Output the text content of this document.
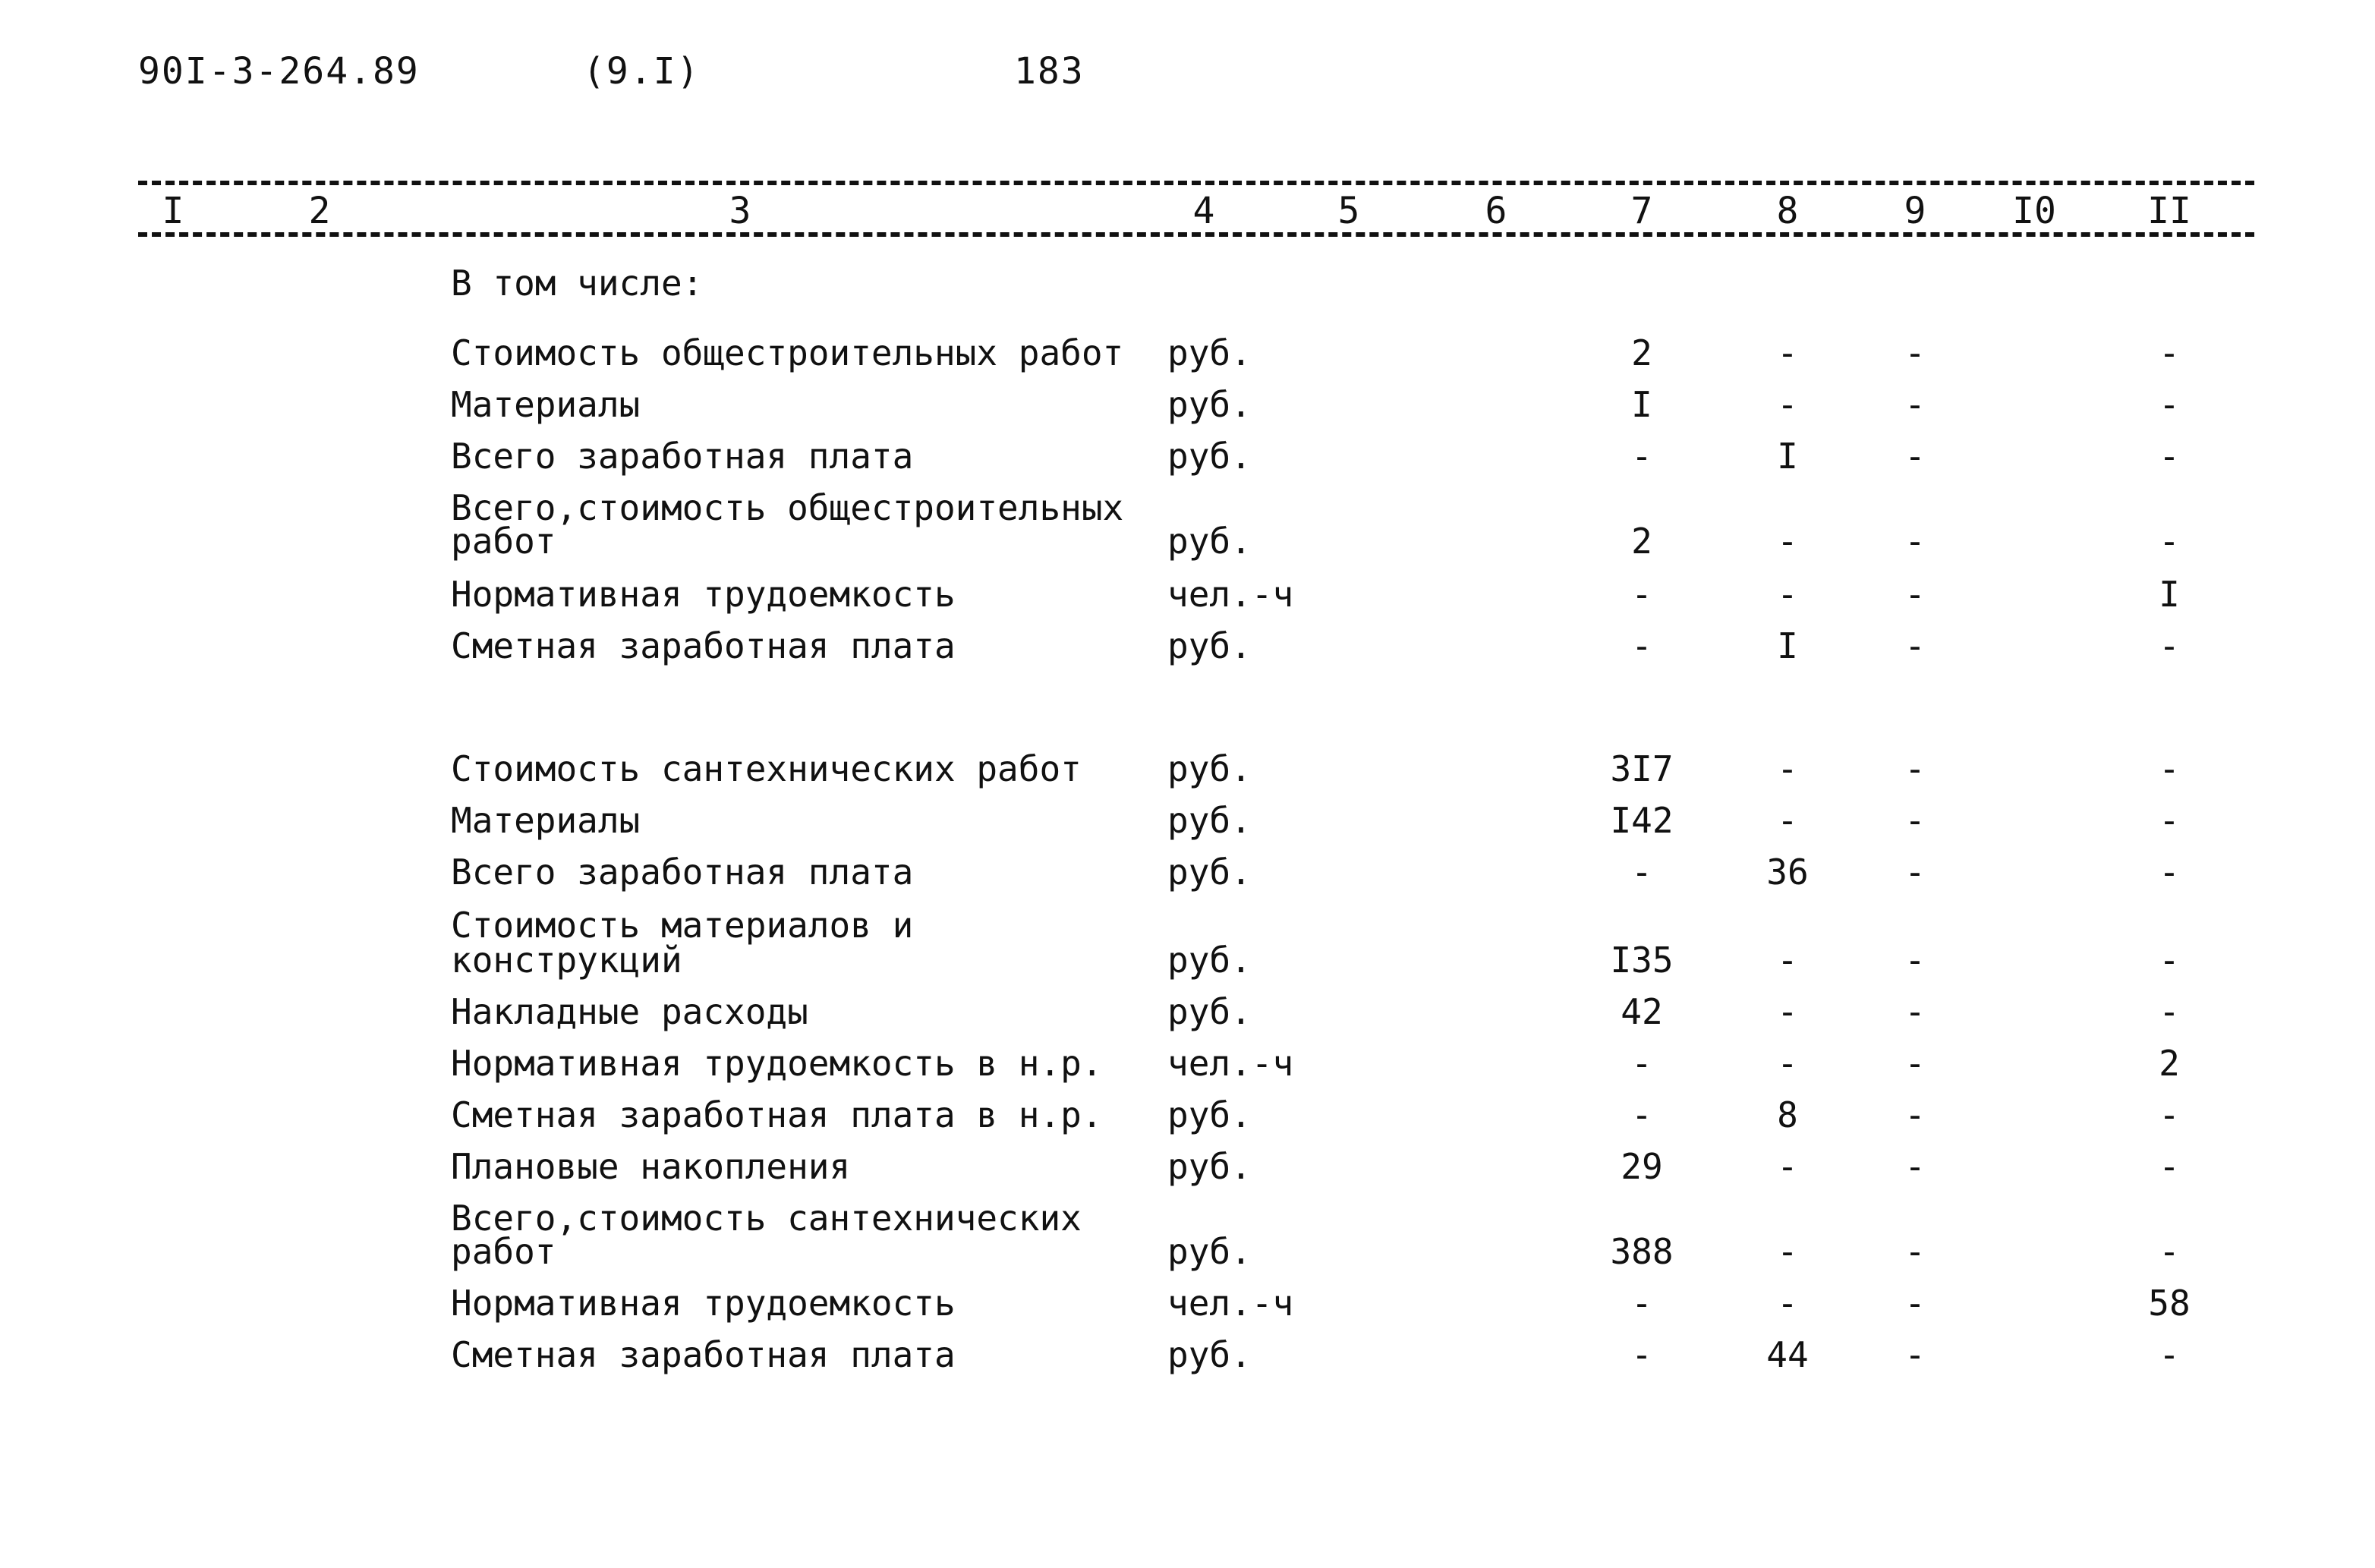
90I-3-264.89	(9.I)	183
I	2	3	4	5	6	7	8	9 I0	II
В том числе:
Стоимость общестроительных работ руб.	2	-	-	-
Материалы	руб.	I	-	-	-
Всего заработная плата	руб.	-	I	-	-
Всего,стоимость общестроительных
работ	руб.	2	-	-	-
Нормативная трудоемкость	чел.-ч	-	-	-	I
Сметная заработная плата	руб.	-	I	-	-
Стоимость сантехнических работ руб.	3I7	-	-	-
Материалы	руб.	I42	-	-	-
Всего заработная плата	руб.	-	36	-	-
Стоимость материалов и
конструкций	руб.	I35	-	-	-
Накладные расходы	руб.	42	-	-	-
Нормативная трудоемкость в н.р. чел.-ч	-	-	-	2
Сметная заработная плата в н.р. руб.	-	8	-	-
Плановые накопления	руб.	29	-	-	-
Всего,стоимость сантехнических
работ	руб.	388	-	-	-
Нормативная трудоемкость	чел.-ч	-	-	-	58
Сметная заработная плата	руб.	-	44	-	-
